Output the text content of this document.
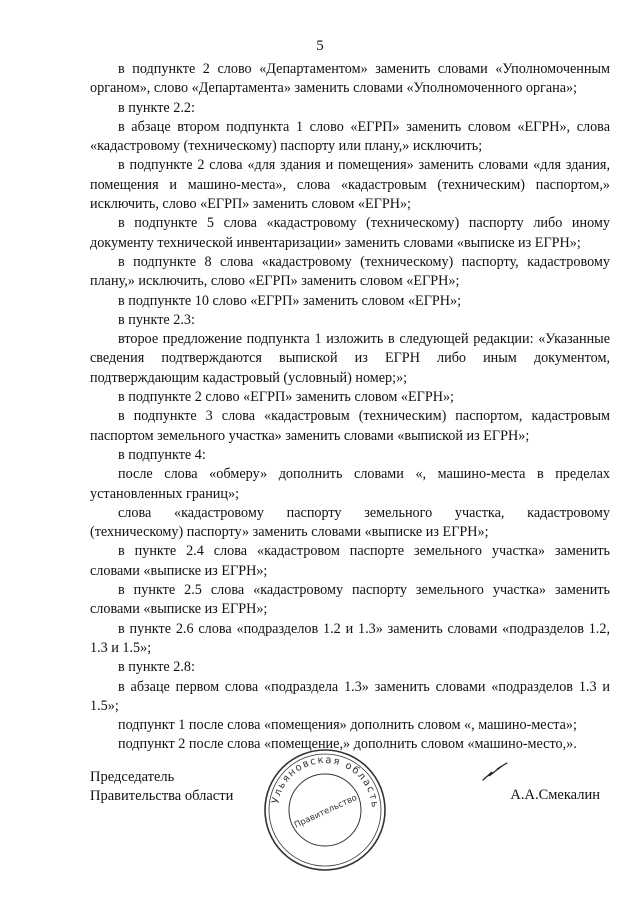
5

в подпункте 2 слово «Департаментом» заменить словами «Уполномоченным органом», слово «Департамента» заменить словами «Уполномоченного органа»;

в пункте 2.2:

в абзаце втором подпункта 1 слово «ЕГРП» заменить словом «ЕГРН», слова «кадастровому (техническому) паспорту или плану,» исключить;

в подпункте 2 слова «для здания и помещения» заменить словами «для здания, помещения и машино-места», слова «кадастровым (техническим) паспортом,» исключить, слово «ЕГРП» заменить словом «ЕГРН»;

в подпункте 5 слова «кадастровому (техническому) паспорту либо иному документу технической инвентаризации» заменить словами «выписке из ЕГРН»;

в подпункте 8 слова «кадастровому (техническому) паспорту, кадастровому плану,» исключить, слово «ЕГРП» заменить словом «ЕГРН»;

в подпункте 10 слово «ЕГРП» заменить словом «ЕГРН»;

в пункте 2.3:

второе предложение подпункта 1 изложить в следующей редакции: «Указанные сведения подтверждаются выпиской из ЕГРН либо иным документом, подтверждающим кадастровый (условный) номер;»;

в подпункте 2 слово «ЕГРП» заменить словом «ЕГРН»;

в подпункте 3 слова «кадастровым (техническим) паспортом, кадастровым паспортом земельного участка» заменить словами «выпиской из ЕГРН»;

в подпункте 4:

после слова «обмеру» дополнить словами «, машино-места в пределах установленных границ»;

слова «кадастровому паспорту земельного участка, кадастровому (техническому) паспорту» заменить словами «выписке из ЕГРН»;

в пункте 2.4 слова «кадастровом паспорте земельного участка» заменить словами «выписке из ЕГРН»;

в пункте 2.5 слова «кадастровому паспорту земельного участка» заменить словами «выписке из ЕГРН»;

в пункте 2.6 слова «подразделов 1.2 и 1.3» заменить словами «подразделов 1.2, 1.3 и 1.5»;

в пункте 2.8:

в абзаце первом слова «подраздела 1.3» заменить словами «подразделов 1.3 и 1.5»;

подпункт 1 после слова «помещения» дополнить словом «, машино-места»;

подпункт 2 после слова «помещение,» дополнить словом «машино-место,».

Председатель
Правительства области	Ульяновская область
Правительство	А.А.Смекалин
